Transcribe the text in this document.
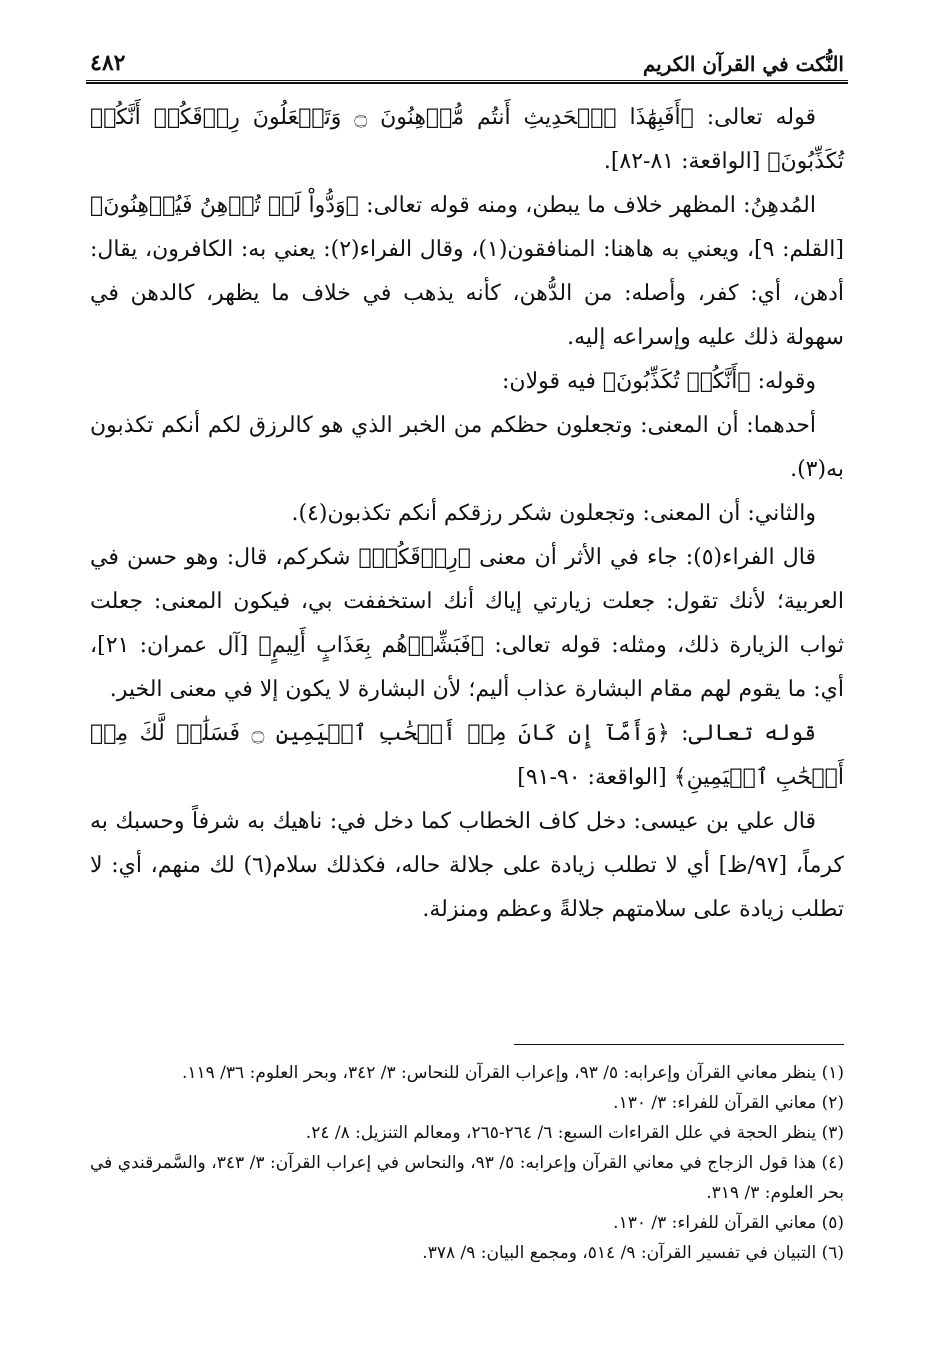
النُّكت في القرآن الكريم
٤٨٢

قوله تعالى: ﴿أَفَبِهَٰذَا ٱلۡحَدِيثِ أَنتُم مُّدۡهِنُونَ ۝ وَتَجۡعَلُونَ رِزۡقَكُمۡ أَنَّكُمۡ تُكَذِّبُونَ﴾ [الواقعة: ٨١-٨٢].

المُدهِنُ: المظهر خلاف ما يبطن، ومنه قوله تعالى: ﴿وَدُّواْ لَوۡ تُدۡهِنُ فَيُدۡهِنُونَ﴾ [القلم: ٩]، ويعني به هاهنا: المنافقون(١)، وقال الفراء(٢): يعني به: الكافرون، يقال: أدهن، أي: كفر، وأصله: من الدُّهن، كأنه يذهب في خلاف ما يظهر، كالدهن في سهولة ذلك عليه وإسراعه إليه.

وقوله: ﴿أَنَّكُمۡ تُكَذِّبُونَ﴾ فيه قولان:

أحدهما: أن المعنى: وتجعلون حظكم من الخبر الذي هو كالرزق لكم أنكم تكذبون به(٣).

والثاني: أن المعنى: وتجعلون شكر رزقكم أنكم تكذبون(٤).

قال الفراء(٥): جاء في الأثر أن معنى ﴿رِزۡقَكُمۡ﴾ شكركم، قال: وهو حسن في العربية؛ لأنك تقول: جعلت زيارتي إياك أنك استخففت بي، فيكون المعنى: جعلت ثواب الزيارة ذلك، ومثله: قوله تعالى: ﴿فَبَشِّرۡهُم بِعَذَابٍ أَلِيمٍ﴾ [آل عمران: ٢١]، أي: ما يقوم لهم مقام البشارة عذاب أليم؛ لأن البشارة لا يكون إلا في معنى الخير.

قوله تعالى: ﴿وَأَمَّآ إِن كَانَ مِنۡ أَصۡحَٰبِ ٱلۡيَمِينِ ۝ فَسَلَٰمٞ لَّكَ مِنۡ أَصۡحَٰبِ ٱلۡيَمِينِ﴾ [الواقعة: ٩٠-٩١]

قال علي بن عيسى: دخل كاف الخطاب كما دخل في: ناهيك به شرفاً وحسبك به كرماً، [٩٧/ظ] أي لا تطلب زيادة على جلالة حاله، فكذلك سلام(٦) لك منهم، أي: لا تطلب زيادة على سلامتهم جلالةً وعظم ومنزلة.

(١) ينظر معاني القرآن وإعرابه: ٥/ ٩٣، وإعراب القرآن للنحاس: ٣/ ٣٤٢، وبحر العلوم: ٣٦/ ١١٩.

(٢) معاني القرآن للفراء: ٣/ ١٣٠.

(٣) ينظر الحجة في علل القراءات السبع: ٦/ ٢٦٤-٢٦٥، ومعالم التنزيل: ٨/ ٢٤.

(٤) هذا قول الزجاج في معاني القرآن وإعرابه: ٥/ ٩٣، والنحاس في إعراب القرآن: ٣/ ٣٤٣، والسَّمرقندي في بحر العلوم: ٣/ ٣١٩.

(٥) معاني القرآن للفراء: ٣/ ١٣٠.

(٦) التبيان في تفسير القرآن: ٩/ ٥١٤، ومجمع البيان: ٩/ ٣٧٨.
